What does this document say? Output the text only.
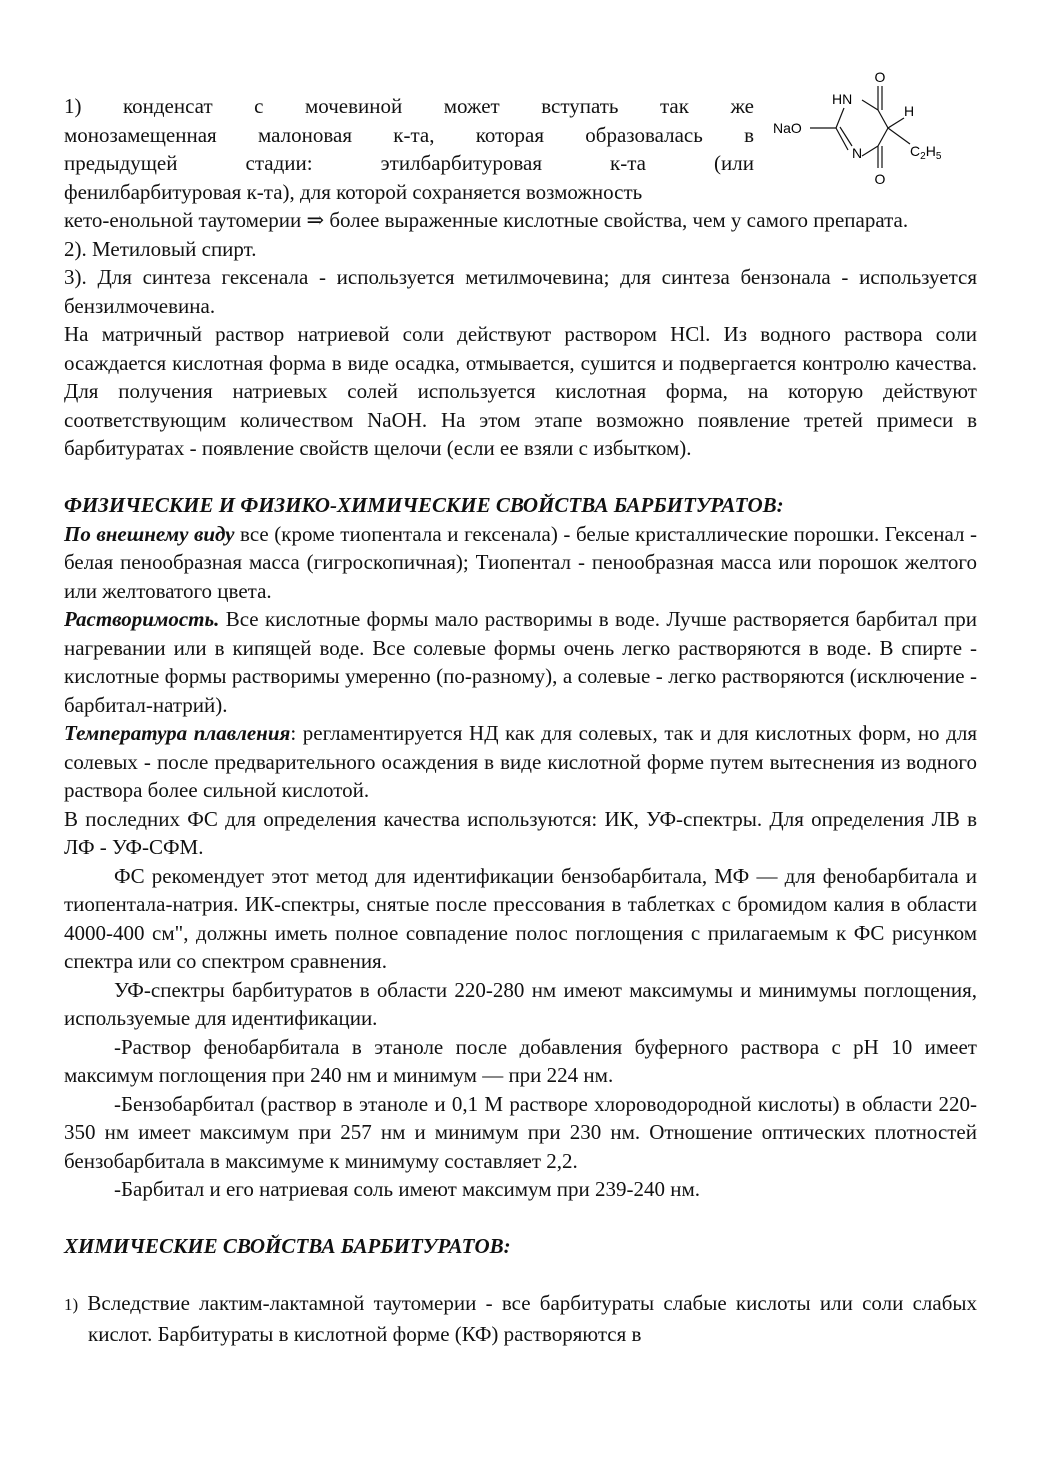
1) конденсат с мочевиной может вступать так же

монозамещенная малоновая к-та, которая образовалась в

предыдущей стадии: этилбарбитуровая к-та (или

фенилбарбитуровая к-та), для которой сохраняется возможность

O
O
HN
N
NaO
H
$C_2H_5$

кето-енольной таутомерии ⇒ более выраженные кислотные свойства, чем у самого препарата.

2). Метиловый спирт.

3). Для синтеза гексенала - используется метилмочевина; для синтеза бензонала - используется бензилмочевина.

На матричный раствор натриевой соли действуют раствором HCl. Из водного раствора соли осаждается кислотная форма в виде осадка, отмывается, сушится и подвергается контролю качества. Для получения натриевых солей используется кислотная форма, на которую действуют соответствующим количеством NaOH. На этом этапе возможно появление третей примеси в барбитуратах - появление свойств щелочи (если ее взяли с избытком).

ФИЗИЧЕСКИЕ И ФИЗИКО-ХИМИЧЕСКИЕ СВОЙСТВА БАРБИТУРАТОВ:

По внешнему виду все (кроме тиопентала и гексенала) - белые кристаллические порошки. Гексенал - белая пенообразная масса (гигроскопичная); Тиопентал - пенообразная масса или порошок желтого или желтоватого цвета.

Растворимость. Все кислотные формы мало растворимы в воде. Лучше растворяется барбитал при нагревании или в кипящей воде. Все солевые формы очень легко растворяются в воде. В спирте - кислотные формы растворимы умеренно (по-разному), а солевые - легко растворяются (исключение - барбитал-натрий).

Температура плавления: регламентируется НД как для солевых, так и для кислотных форм, но для солевых - после предварительного осаждения в виде кислотной форме путем вытеснения из водного раствора более сильной кислотой.

В последних ФС для определения качества используются: ИК, УФ-спектры. Для определения ЛВ в ЛФ - УФ-СФМ.

ФС рекомендует этот метод для идентификации бензобарбитала, МФ — для фенобарбитала и тиопентала-натрия. ИК-спектры, снятые после прессования в таблетках с бромидом калия в области 4000-400 см", должны иметь полное совпадение полос поглощения с прилагаемым к ФС рисунком спектра или со спектром сравнения.

УФ-спектры барбитуратов в области 220-280 нм имеют максимумы и минимумы поглощения, используемые для идентификации.

-Раствор фенобарбитала в этаноле после добавления буферного раствора с pH 10 имеет максимум поглощения при 240 нм и минимум — при 224 нм.

-Бензобарбитал (раствор в этаноле и 0,1 М растворе хлороводородной кислоты) в области 220-350 нм имеет максимум при 257 нм и минимум при 230 нм. Отношение оптических плотностей бензобарбитала в максимуме к минимуму составляет 2,2.

-Барбитал и его натриевая соль имеют максимум при 239-240 нм.

ХИМИЧЕСКИЕ СВОЙСТВА БАРБИТУРАТОВ:

1) Вследствие лактим-лактамной таутомерии - все барбитураты слабые кислоты или соли слабых кислот. Барбитураты в кислотной форме (КФ) растворяются в
